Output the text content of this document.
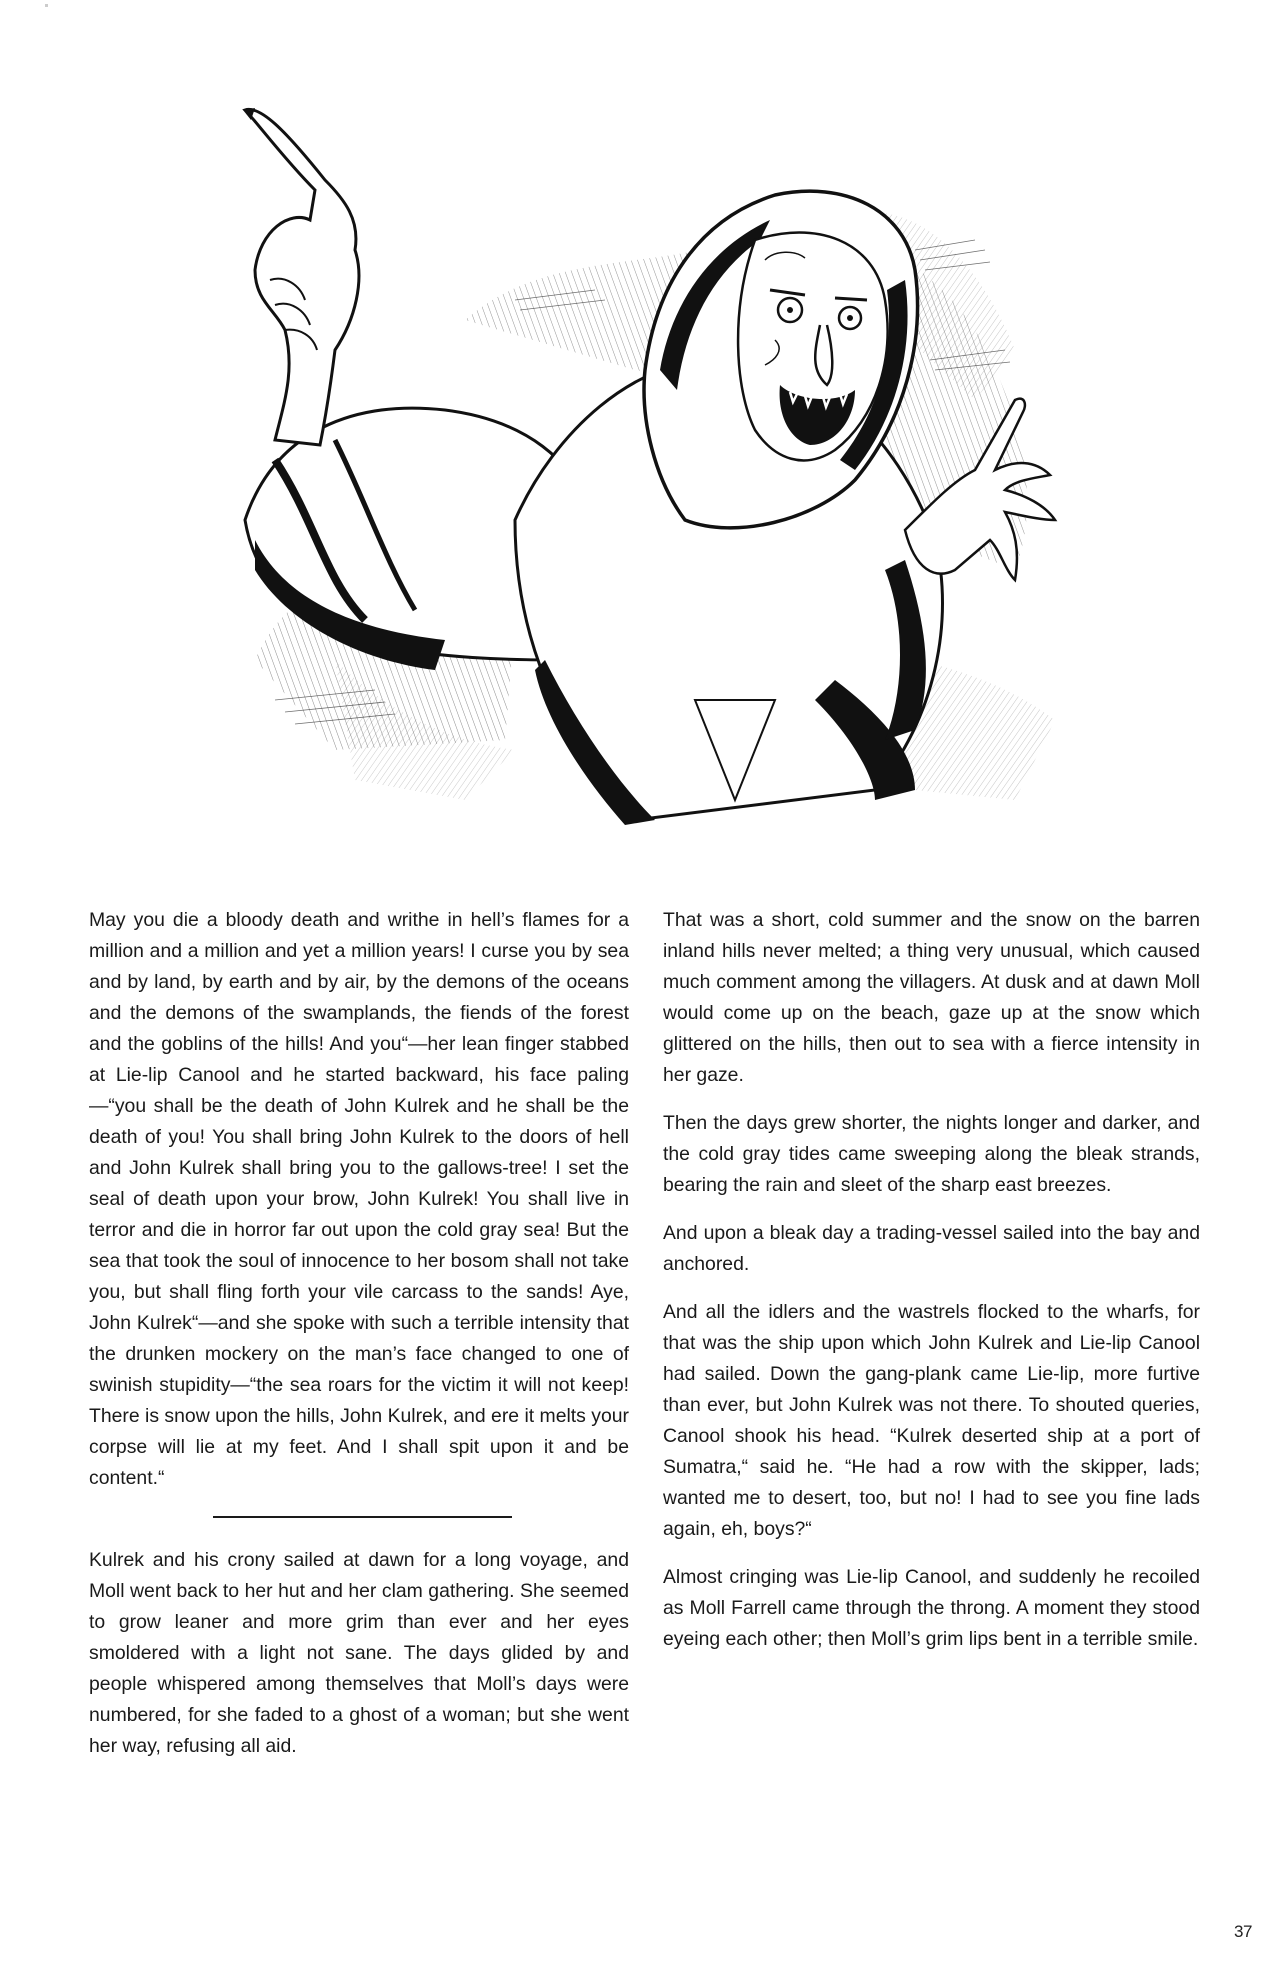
May you die a bloody death and writhe in hell’s flames for a million and a million and yet a million years! I curse you by sea and by land, by earth and by air, by the demons of the oceans and the demons of the swamplands, the fiends of the forest and the goblins of the hills! And you“—her lean finger stabbed at Lie-lip Canool and he started backward, his face paling—“you shall be the death of John Kulrek and he shall be the death of you! You shall bring John Kulrek to the doors of hell and John Kulrek shall bring you to the gallows-tree! I set the seal of death upon your brow, John Kulrek! You shall live in terror and die in horror far out upon the cold gray sea! But the sea that took the soul of innocence to her bosom shall not take you, but shall fling forth your vile carcass to the sands! Aye, John Kulrek“—and she spoke with such a terrible intensity that the drunken mockery on the man’s face changed to one of swinish stupidity—“the sea roars for the victim it will not keep! There is snow upon the hills, John Kulrek, and ere it melts your corpse will lie at my feet. And I shall spit upon it and be content.“

Kulrek and his crony sailed at dawn for a long voyage, and Moll went back to her hut and her clam gathering. She seemed to grow leaner and more grim than ever and her eyes smoldered with a light not sane. The days glided by and people whispered among themselves that Moll’s days were numbered, for she faded to a ghost of a woman; but she went her way, refusing all aid.

That was a short, cold summer and the snow on the barren inland hills never melted; a thing very unusual, which caused much comment among the villagers. At dusk and at dawn Moll would come up on the beach, gaze up at the snow which glittered on the hills, then out to sea with a fierce intensity in her gaze.

Then the days grew shorter, the nights longer and darker, and the cold gray tides came sweeping along the bleak strands, bearing the rain and sleet of the sharp east breezes.

And upon a bleak day a trading-vessel sailed into the bay and anchored.

And all the idlers and the wastrels flocked to the wharfs, for that was the ship upon which John Kulrek and Lie-lip Canool had sailed. Down the gang-plank came Lie-lip, more furtive than ever, but John Kulrek was not there. To shouted queries, Canool shook his head. “Kulrek deserted ship at a port of Sumatra,“ said he. “He had a row with the skipper, lads; wanted me to desert, too, but no! I had to see you fine lads again, eh, boys?“

Almost cringing was Lie-lip Canool, and suddenly he recoiled as Moll Farrell came through the throng. A moment they stood eyeing each other; then Moll’s grim lips bent in a terrible smile.

37
